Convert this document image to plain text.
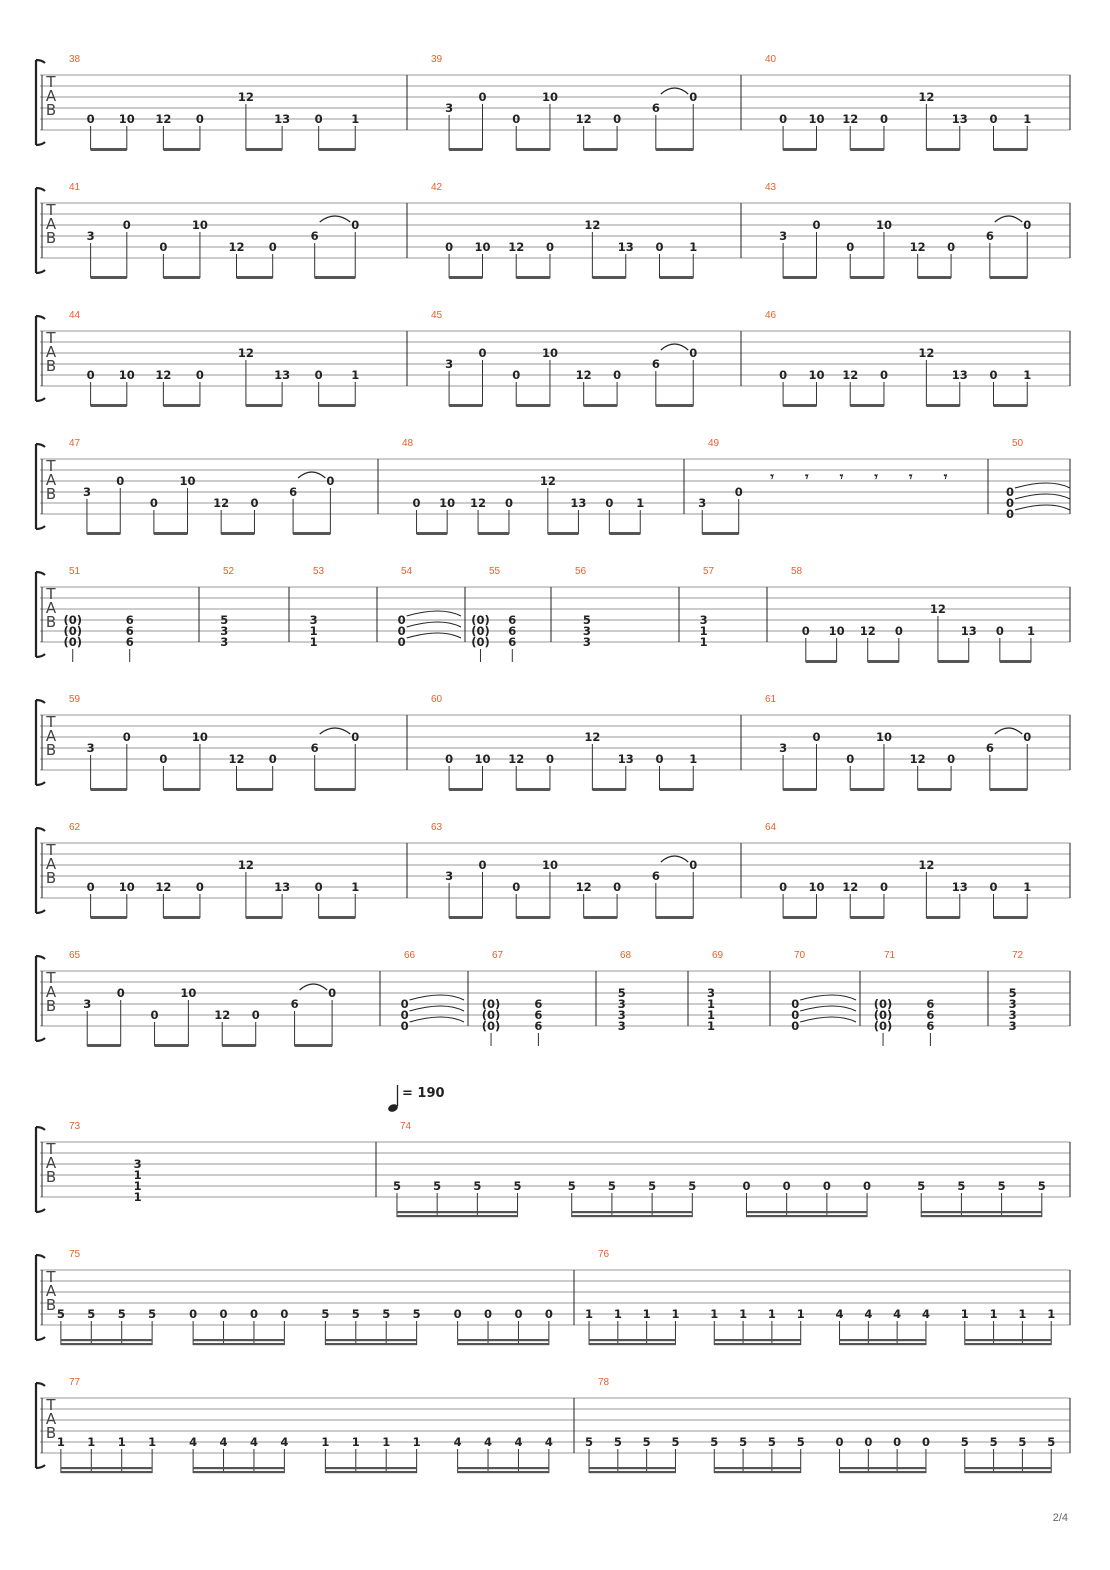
T
A
B
38
0 10 12 0
12
13 0 1
39
3
0
0
10
12 0
6
0
40
0 10 12 0
12
13 0 1
T
A
B
41
3
0
0
10
12 0
6
0
42
0 10 12 0
12
13 0 1
43
3
0
0
10
12 0
6
0
T
A
B
44
0 10 12 0
12
13 0 1
45
3
0
0
10
12 0
6
0
46
0 10 12 0
12
13 0 1
T
A
B
47
3
0
0
10
12 0
6
0
48
0 10 12 0
12
13 0 1
49
3
0
𝄾 𝄾 𝄾 𝄾 𝄾 𝄾
50
0
0
0
T
A
B
51
(0)
(0)
(0)
6
6
6
52
5
3
3
53
3
1
1
54
0
0
0
55
(0)
(0)
(0)
6
6
6
56
5
3
3
57
3
1
1
58
0 10 12 0
12
13 0 1
T
A
B
59
3
0
0
10
12 0
6
0
60
0 10 12 0
12
13 0 1
61
3
0
0
10
12 0
6
0
T
A
B
62
0 10 12 0
12
13 0 1
63
3
0
0
10
12 0
6
0
64
0 10 12 0
12
13 0 1
T
A
B
65
3
0
0
10
12 0
6
0
66
0
0
0
67
(0)
(0)
(0)
6
6
6
68
5
3
3
3
69
3
1
1
1
70
0
0
0
71
(0)
(0)
(0)
6
6
6
72
5
3
3
3
T
A
B
73
3
1
1
1
74
5	5	5	5	5	5	5	5	0	0	0	0	5	5	5	5
T
A
B
75
5 5 5 5	0 0 0 0	5 5 5 5	0 0 0 0
76
1 1 1 1	1 1 1 1	4 4 4 4	1 1 1 1
T
A
B
77
1 1 1 1	4 4 4 4	1 1 1 1	4 4 4 4
78
5 5 5 5	5 5 5 5	0 0 0 0	5 5 5 5
= 190
2/4
